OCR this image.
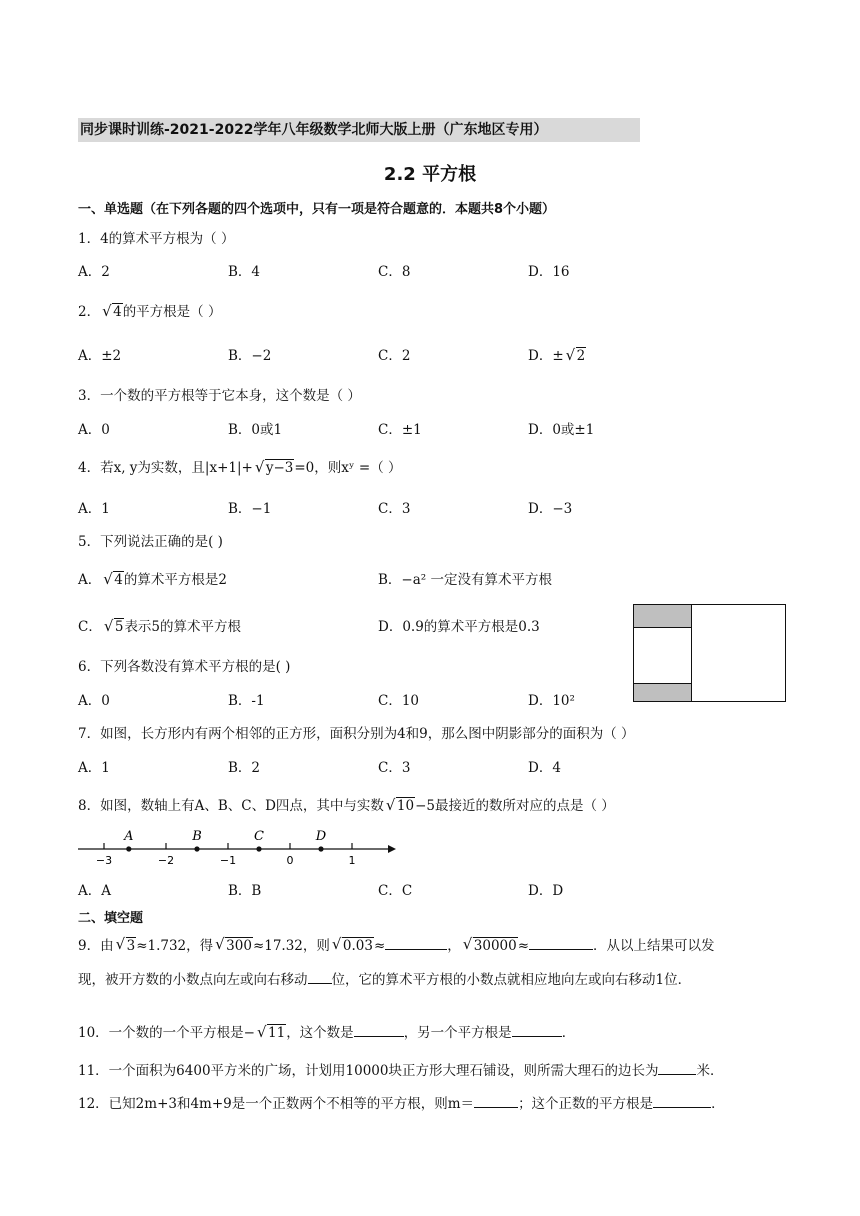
同步课时训练-2021-2022学年八年级数学北师大版上册（广东地区专用）
2.2 平方根
一、单选题（在下列各题的四个选项中，只有一项是符合题意的．本题共8个小题）
1．4的算术平方根为（ ）
A．2	B．4	C．8	D．16
2． √ 4的平方根是（ ）
A．±2	B．−2	C．2	D．± √ 2
3．一个数的平方根等于它本身，这个数是（ ）
A．0	B．0或1	C．±1	D．0或±1
4．若x, y为实数，且|x+1|+ √ y−3=0，则xʸ =（ ）
A．1	B．−1	C．3	D．−3
5．下列说法正确的是( )
A． √ 4的算术平方根是2	B．−a² 一定没有算术平方根
C． √ 5表示5的算术平方根	D．0.9的算术平方根是0.3
6．下列各数没有算术平方根的是( )
A．0	B．-1	C．10	D．10²
7．如图，长方形内有两个相邻的正方形，面积分别为4和9，那么图中阴影部分的面积为（ ）
A．1	B．2	C．3	D．4
8．如图，数轴上有A、B、C、D四点，其中与实数 √ 10−5最接近的数所对应的点是（ ）
−3	−2	−1	0	1
A	B	C	D
A．A	B．B	C．C	D．D
二、填空题
9．由 √ 3≈1.732，得 √ 300≈17.32，则 √ 0.03≈	， √ 30000≈	．从以上结果可以发
现，被开方数的小数点向左或向右移动 位，它的算术平方根的小数点就相应地向左或向右移动1位．
10．一个数的一个平方根是− √ 11，这个数是	，另一个平方根是	．
11．一个面积为6400平方米的广场，计划用10000块正方形大理石铺设，则所需大理石的边长为	米．
12．已知2m+3和4m+9是一个正数两个不相等的平方根，则m＝	；这个正数的平方根是	．
